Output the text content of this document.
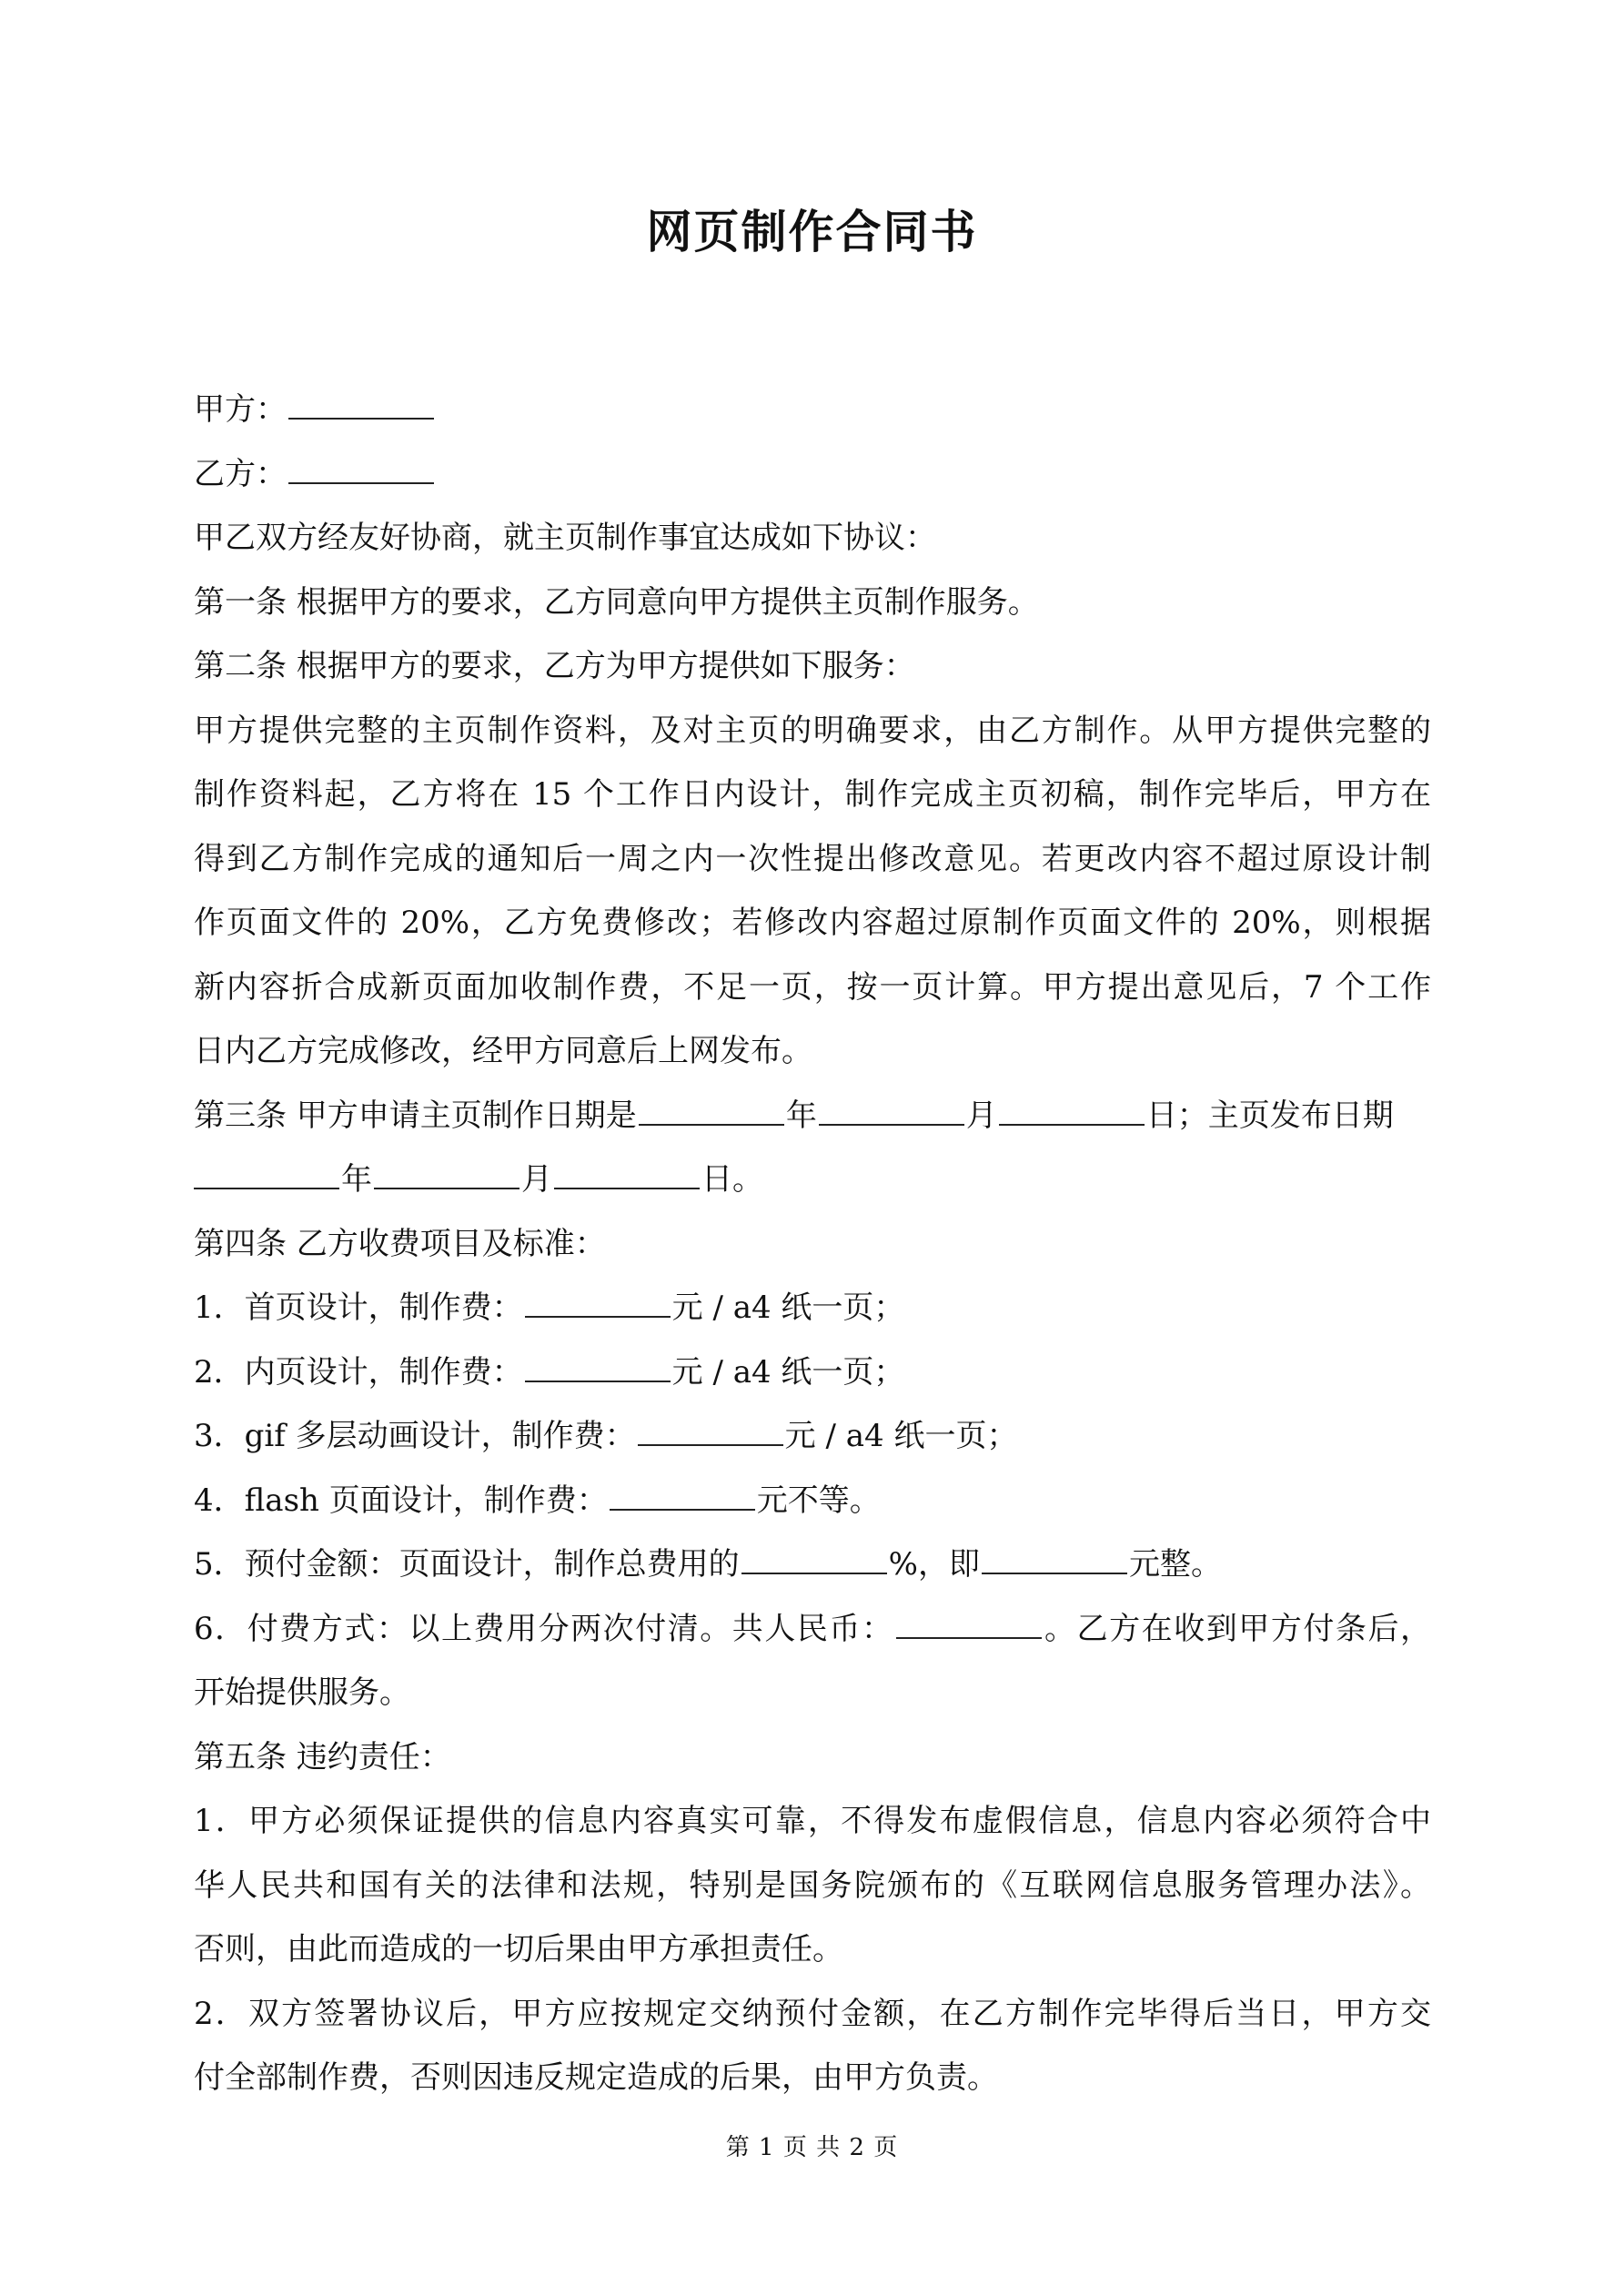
网页制作合同书
甲方：
乙方：
甲乙双方经友好协商，就主页制作事宜达成如下协议：
第一条 根据甲方的要求，乙方同意向甲方提供主页制作服务。
第二条 根据甲方的要求，乙方为甲方提供如下服务：
甲方提供完整的主页制作资料，及对主页的明确要求，由乙方制作。从甲方提供完整的
制作资料起，乙方将在 15 个工作日内设计，制作完成主页初稿，制作完毕后，甲方在
得到乙方制作完成的通知后一周之内一次性提出修改意见。若更改内容不超过原设计制
作页面文件的 20%，乙方免费修改；若修改内容超过原制作页面文件的 20%，则根据
新内容折合成新页面加收制作费，不足一页，按一页计算。甲方提出意见后，7 个工作
日内乙方完成修改，经甲方同意后上网发布。
第三条 甲方申请主页制作日期是	年	月	日；主页发布日期
年	月	日。
第四条 乙方收费项目及标准：
1．首页设计，制作费：	元 / a4 纸一页；
2．内页设计，制作费：	元 / a4 纸一页；
3．gif 多层动画设计，制作费：	元 / a4 纸一页；
4．flash 页面设计，制作费：	元不等。
5．预付金额：页面设计，制作总费用的	%，即	元整。
6．付费方式：以上费用分两次付清。共人民币：	。乙方在收到甲方付条后，
开始提供服务。
第五条 违约责任：
1．甲方必须保证提供的信息内容真实可靠，不得发布虚假信息，信息内容必须符合中
华人民共和国有关的法律和法规，特别是国务院颁布的《互联网信息服务管理办法》。
否则，由此而造成的一切后果由甲方承担责任。
2．双方签署协议后，甲方应按规定交纳预付金额，在乙方制作完毕得后当日，甲方交
付全部制作费，否则因违反规定造成的后果，由甲方负责。
第 1 页 共 2 页
